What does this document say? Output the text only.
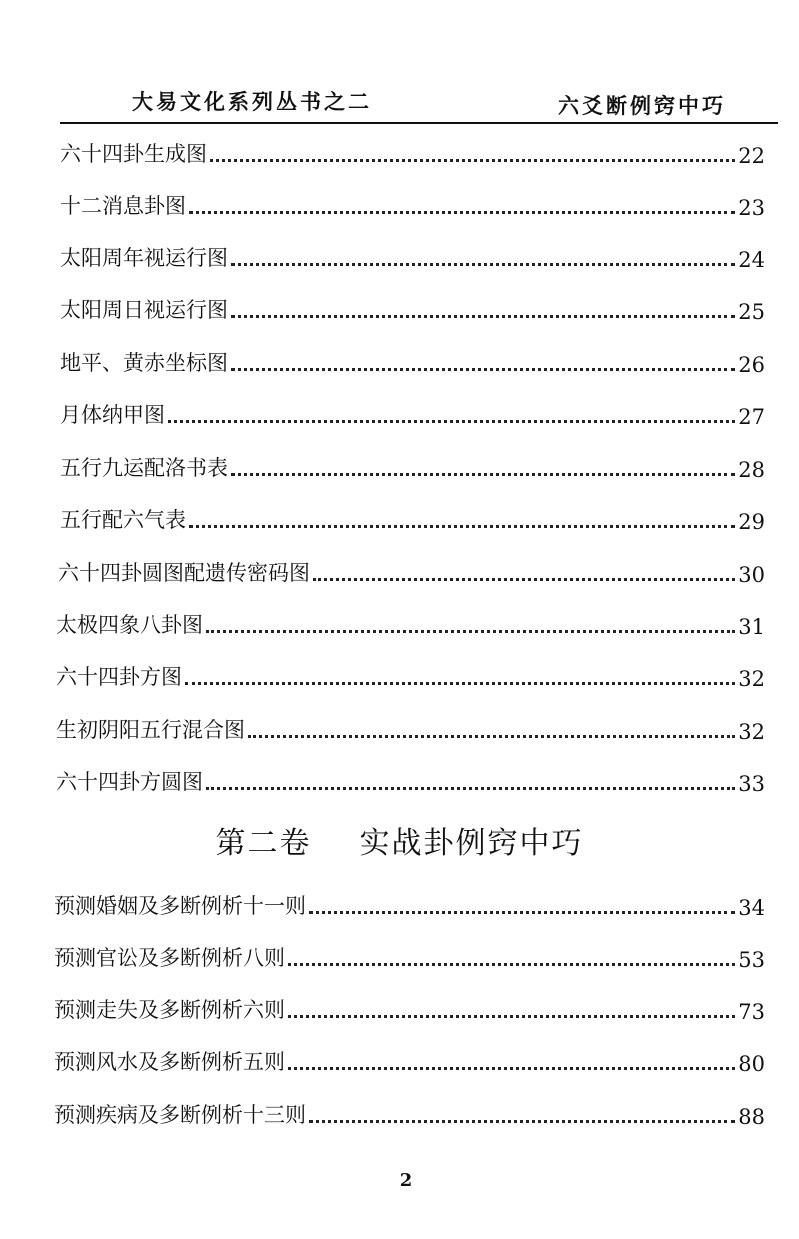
大易文化系列丛书之二	六爻断例窍中巧
六十四卦生成图	22
十二消息卦图	23
太阳周年视运行图	24
太阳周日视运行图	25
地平、黄赤坐标图	26
月体纳甲图	27
五行九运配洛书表	28
五行配六气表	29
六十四卦圆图配遗传密码图	30
太极四象八卦图	31
六十四卦方图	32
生初阴阳五行混合图	32
六十四卦方圆图	33
第二卷 实战卦例窍中巧
预测婚姻及多断例析十一则	34
预测官讼及多断例析八则	53
预测走失及多断例析六则	73
预测风水及多断例析五则	80
预测疾病及多断例析十三则	88
2
